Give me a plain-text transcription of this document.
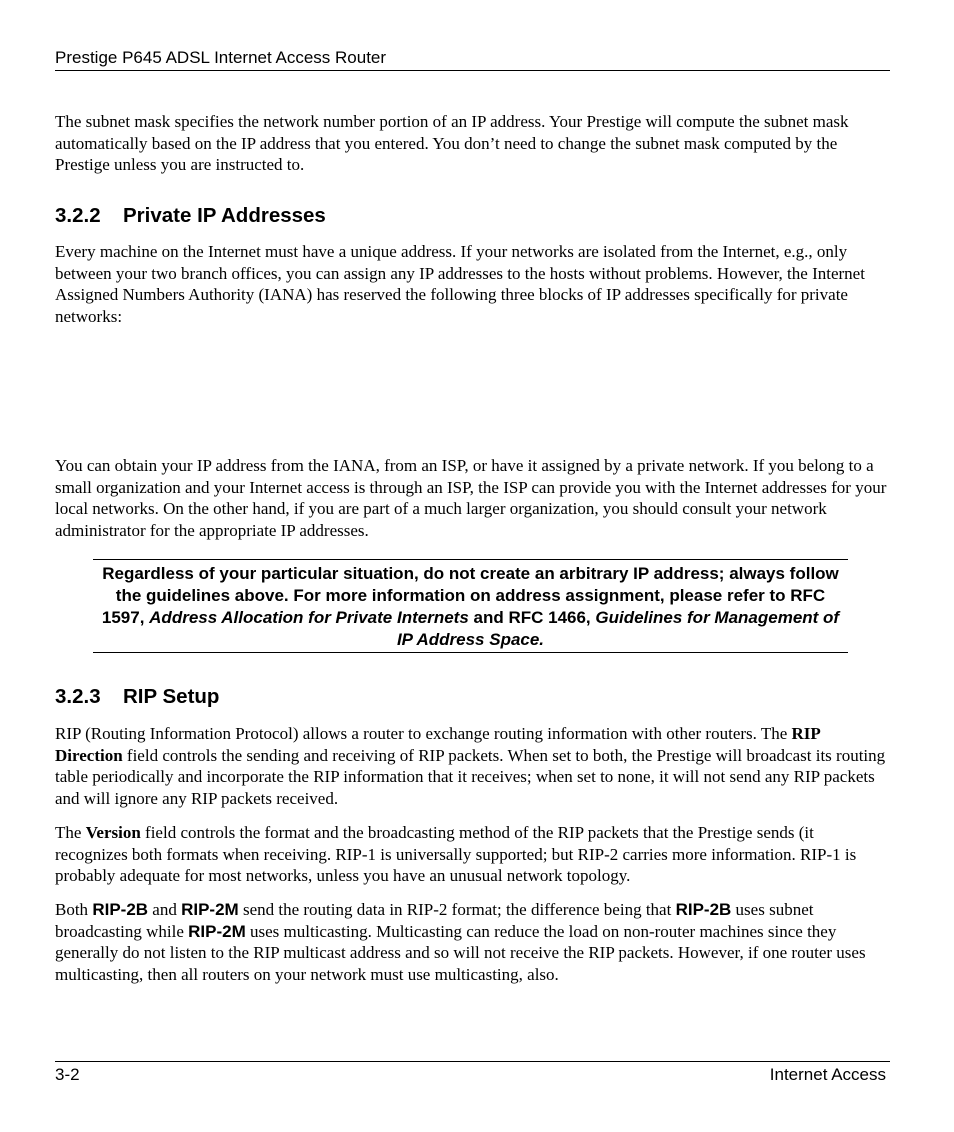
Prestige P645 ADSL Internet Access Router

The subnet mask specifies the network number portion of an IP address. Your Prestige will compute the subnet mask automatically based on the IP address that you entered. You don’t need to change the subnet mask computed by the Prestige unless you are instructed to.

3.2.2 Private IP Addresses

Every machine on the Internet must have a unique address. If your networks are isolated from the Internet, e.g., only between your two branch offices, you can assign any IP addresses to the hosts without problems. However, the Internet Assigned Numbers Authority (IANA) has reserved the following three blocks of IP addresses specifically for private networks:

You can obtain your IP address from the IANA, from an ISP, or have it assigned by a private network. If you belong to a small organization and your Internet access is through an ISP, the ISP can provide you with the Internet addresses for your local networks. On the other hand, if you are part of a much larger organization, you should consult your network administrator for the appropriate IP addresses.

Regardless of your particular situation, do not create an arbitrary IP address; always follow the guidelines above. For more information on address assignment, please refer to RFC 1597, Address Allocation for Private Internets and RFC 1466, Guidelines for Management of IP Address Space.

3.2.3 RIP Setup

RIP (Routing Information Protocol) allows a router to exchange routing information with other routers. The RIP Direction field controls the sending and receiving of RIP packets. When set to both, the Prestige will broadcast its routing table periodically and incorporate the RIP information that it receives; when set to none, it will not send any RIP packets and will ignore any RIP packets received.

The Version field controls the format and the broadcasting method of the RIP packets that the Prestige sends (it recognizes both formats when receiving. RIP-1 is universally supported; but RIP-2 carries more information. RIP-1 is probably adequate for most networks, unless you have an unusual network topology.

Both RIP-2B and RIP-2M send the routing data in RIP-2 format; the difference being that RIP-2B uses subnet broadcasting while RIP-2M uses multicasting. Multicasting can reduce the load on non-router machines since they generally do not listen to the RIP multicast address and so will not receive the RIP packets. However, if one router uses multicasting, then all routers on your network must use multicasting, also.

3-2	Internet Access
